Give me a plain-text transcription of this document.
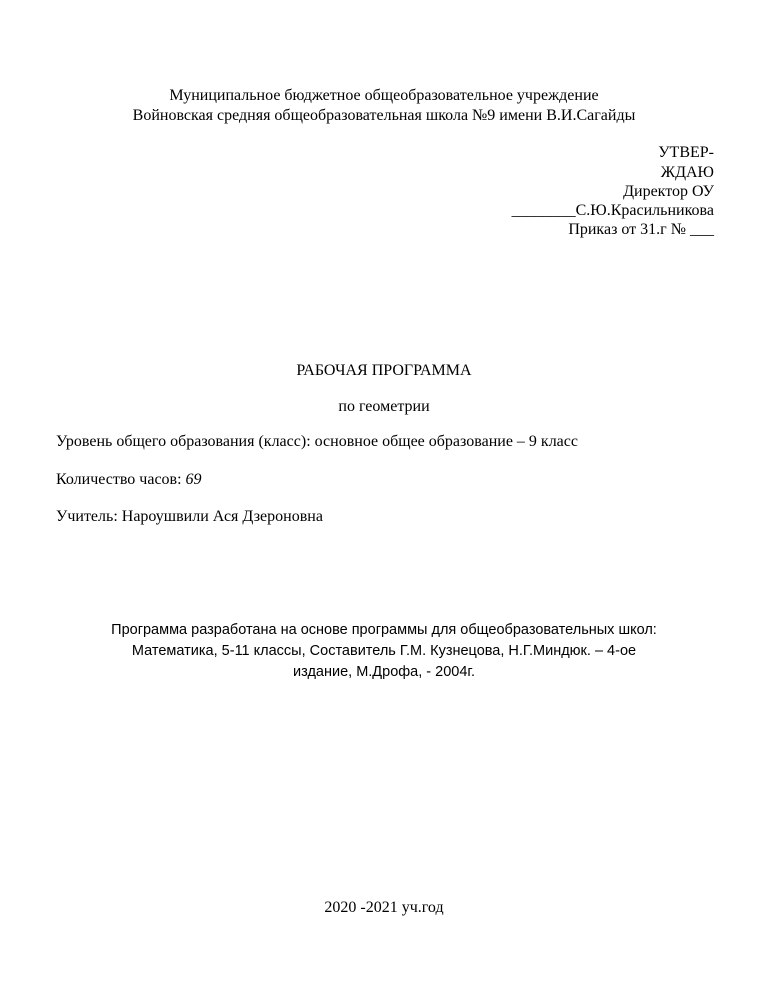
Муниципальное бюджетное общеобразовательное учреждение
Войновская средняя общеобразовательная школа №9 имени В.И.Сагайды
УТВЕР-
ЖДАЮ
Директор ОУ
________С.Ю.Красильникова
Приказ от 31.г № ___
РАБОЧАЯ ПРОГРАММА
по геометрии
Уровень общего образования (класс): основное общее образование – 9 класс
Количество часов: 69
Учитель: Нароушвили Ася Дзероновна
Программа разработана на основе программы для общеобразовательных школ:
Математика, 5-11 классы, Составитель Г.М. Кузнецова, Н.Г.Миндюк. – 4-ое
издание, М.Дрофа, - 2004г.
2020 -2021 уч.год
